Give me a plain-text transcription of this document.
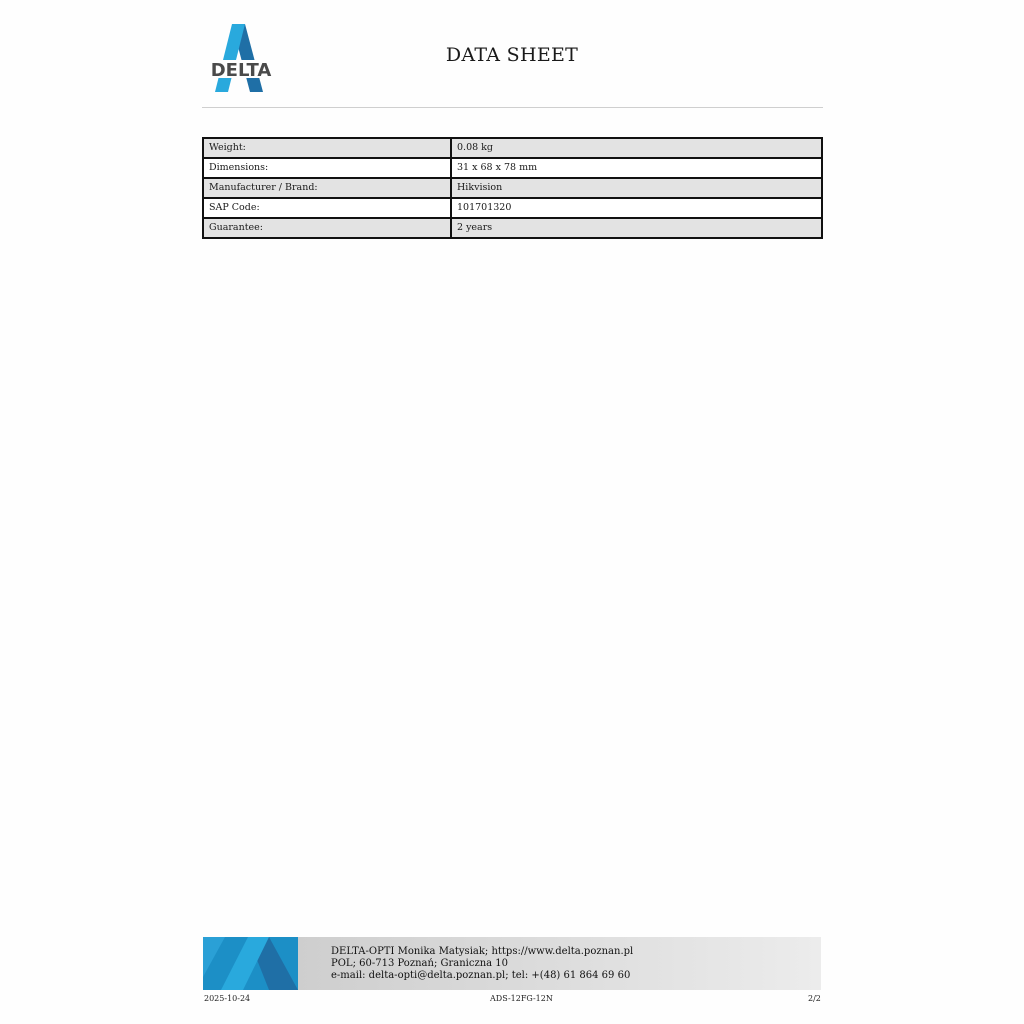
DELTA
DATA SHEET
Weight:	0.08 kg
Dimensions:	31 x 68 x 78 mm
Manufacturer / Brand:	Hikvision
SAP Code:	101701320
Guarantee:	2 years
DELTA-OPTI Monika Matysiak; https://www.delta.poznan.pl
POL; 60-713 Poznań; Graniczna 10
e-mail: delta-opti@delta.poznan.pl; tel: +(48) 61 864 69 60
2025-10-24	ADS-12FG-12N	2/2
